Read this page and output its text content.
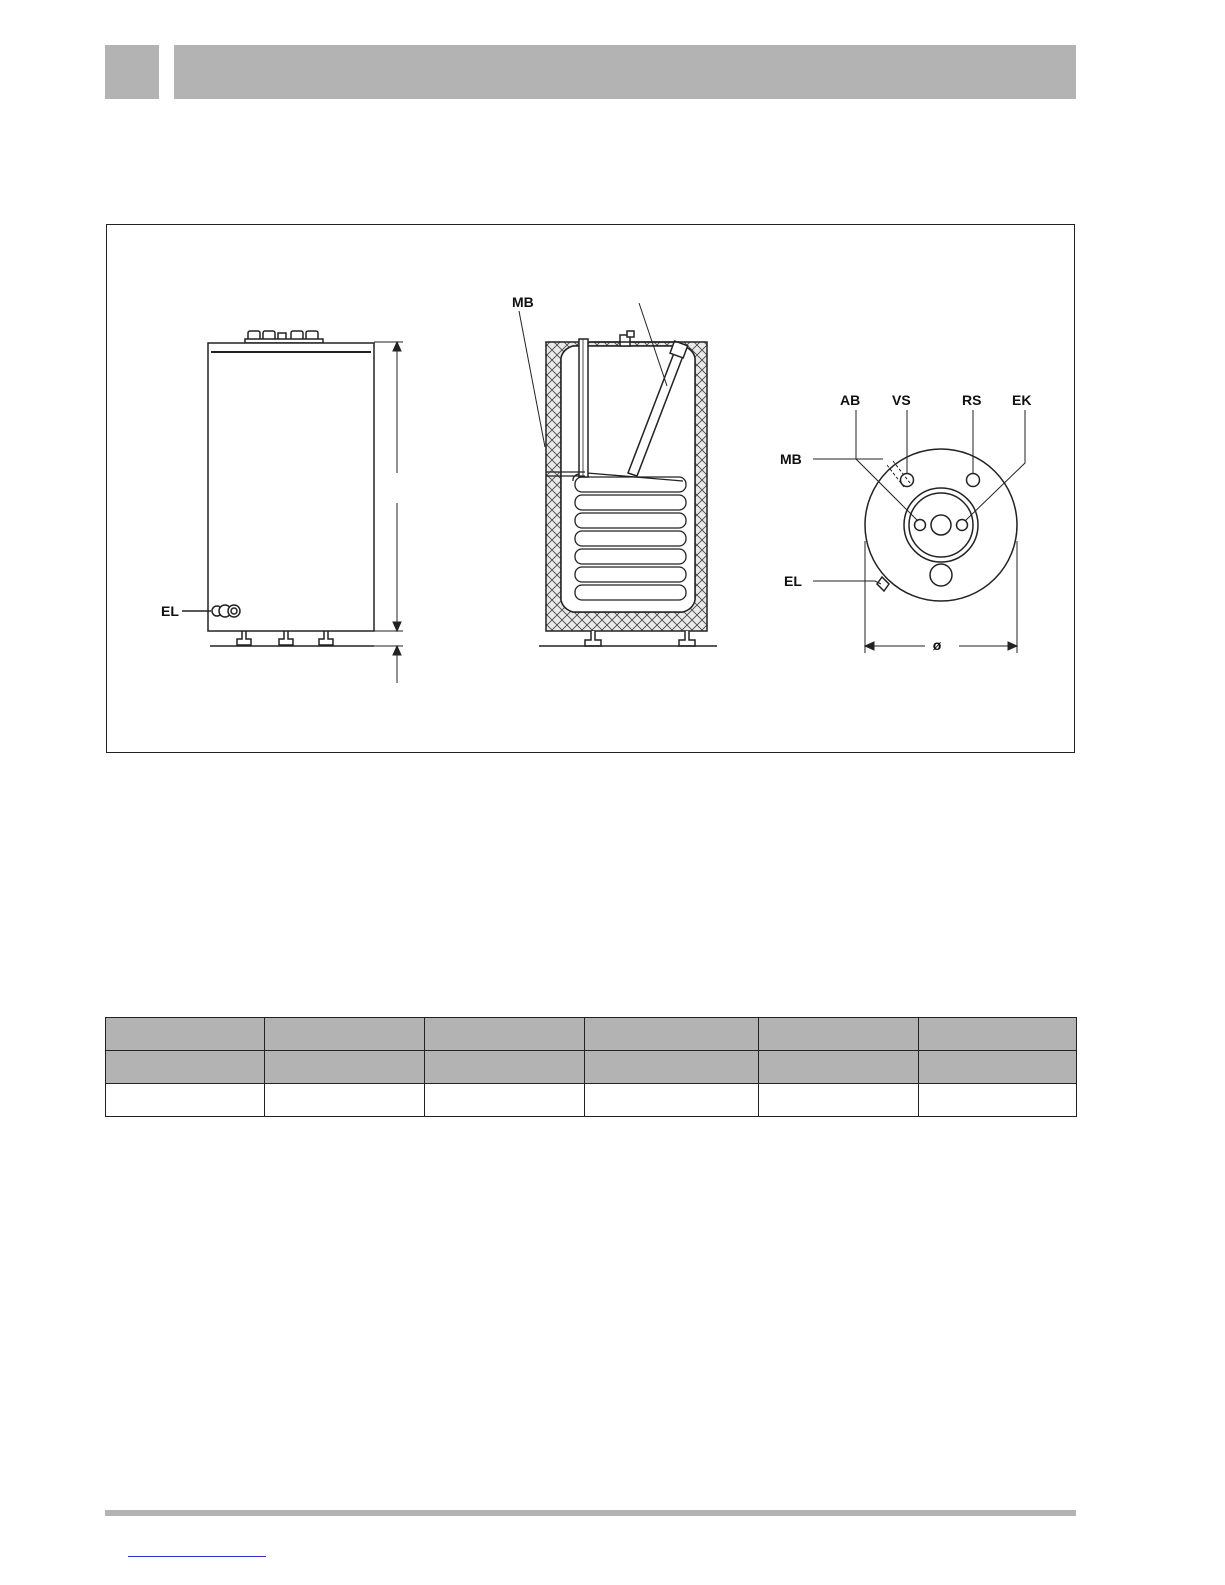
EL
MB
AB VS	RS EK
MB
EL
ø
